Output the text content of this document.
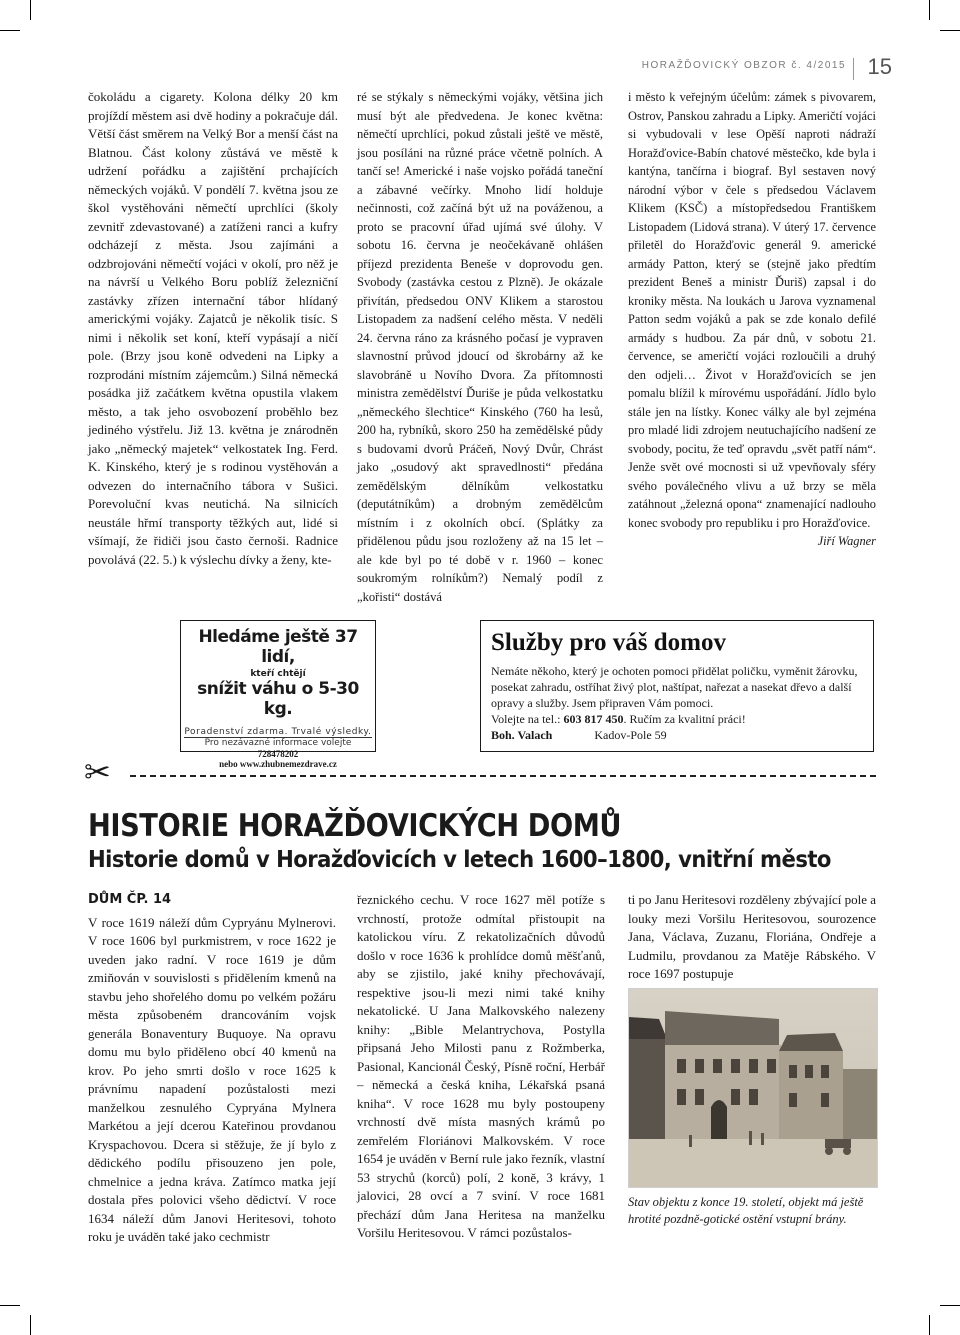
HORAŽĎOVICKÝ OBZOR č. 4/2015 15

čokoládu a cigarety. Kolona délky 20 km projíždí městem asi dvě hodiny a pokračuje dál. Větší část směrem na Velký Bor a menší část na Blatnou. Část kolony zůstává ve městě k udržení pořádku a zajištění prchajících německých vojáků. V pondělí 7. května jsou ze škol vystěhováni němečtí uprchlíci (školy zevnitř zdevastované) a zatíženi ranci a kufry odcházejí z města. Jsou zajímáni a odzbrojováni němečtí vojáci v okolí, pro něž je na návrší u Velkého Boru poblíž železniční zastávky zřízen internační tábor hlídaný americkými vojáky. Zajatců je několik tisíc. S nimi i několik set koní, kteří vypásají a ničí pole. (Brzy jsou koně odvedeni na Lipky a rozprodáni místním zájemcům.) Silná německá posádka již začátkem května opustila vlakem město, a tak jeho osvobození proběhlo bez jediného výstřelu. Již 13. května je znárodněn jako „německý majetek“ velkostatek Ing. Ferd. K. Kinského, který je s rodinou vystěhován a odvezen do internačního tábora v Sušici. Porevoluční kvas neutichá. Na silnicích neustále hřmí transporty těžkých aut, lidé si všímají, že řidiči jsou často černoši. Radnice povolává (22. 5.) k výslechu dívky a ženy, kte-

ré se stýkaly s německými vojáky, většina jich musí být ale předvedena. Je konec května: němečtí uprchlíci, pokud zůstali ještě ve městě, jsou posíláni na různé práce včetně polních. A tančí se! Americké i naše vojsko pořádá taneční a zábavné večírky. Mnoho lidí holduje nečinnosti, což začíná být už na pováženou, a proto se pracovní úřad ujímá své úlohy. V sobotu 16. června je neočekávaně ohlášen příjezd prezidenta Beneše v doprovodu gen. Svobody (zastávka cestou z Plzně). Je okázale přivítán, předsedou ONV Klikem a starostou Listopadem za nadšení celého města. V neděli 24. června ráno za krásného počasí je vypraven slavnostní průvod jdoucí od škrobárny až ke slavobráně u Novího Dvora. Za přítomnosti ministra zemědělství Ďuriše je půda velkostatku „německého šlechtice“ Kinského (760 ha lesů, 200 ha, rybníků, skoro 250 ha zemědělské půdy s budovami dvorů Práčeň, Nový Dvůr, Chrást jako „osudový akt spravedlnosti“ předána zemědělským dělníkům velkostatku (deputátníkům) a drobným zemědělcům místním i z okolních obcí. (Splátky za přidělenou půdu jsou rozloženy až na 15 let – ale kde byl po té době v r. 1960 – konec soukromým rolníkům?) Nemalý podíl z „kořisti“ dostává

i město k veřejným účelům: zámek s pivovarem, Ostrov, Panskou zahradu a Lipky. Američtí vojáci si vybudovali v lese Opěší naproti nádraží Horažďovice-Babín chatové městečko, kde byla i kantýna, tančírna i biograf. Byl sestaven nový národní výbor v čele s předsedou Václavem Klikem (KSČ) a místopředsedou Františkem Listopadem (Lidová strana). V úterý 17. července přiletěl do Horažďovic generál 9. americké armády Patton, který se (stejně jako předtím prezident Beneš a ministr Ďuriš) zapsal i do kroniky města. Na loukách u Jarova vyznamenal Patton sedm vojáků a pak se zde konalo defilé armády s hudbou. Za pár dnů, v sobotu 21. července, se američtí vojáci rozloučili a druhý den odjeli… Život v Horažďovicích se jen pomalu blížil k mírovému uspořádání. Jídlo bylo stále jen na lístky. Konec války ale byl zejména pro mladé lidi zdrojem neutuchajícího nadšení ze svobody, pocitu, že teď opravdu „svět patří nám“. Jenže svět ové mocnosti si už vpevňovaly sféry svého poválečného vlivu a už brzy se měla zatáhnout „železná opona“ znamenající nadlouho konec svobody pro republiku i pro Horažďovice.

Jiří Wagner

Hledáme ještě 37 lidí,
kteří chtějí
snížit váhu o 5-30 kg.
Poradenství zdarma. Trvalé výsledky.
Pro nezávazné informace volejte
728478202
nebo www.zhubnemezdrave.cz
Služby pro váš domov
Nemáte někoho, který je ochoten pomoci přidělat poličku, vyměnit žárovku, posekat zahradu, ostříhat živý plot, naštípat, nařezat a nasekat dřevo a další opravy a služby. Jsem připraven Vám pomoci.
Volejte na tel.: 603 817 450. Ručím za kvalitní práci!
Boh. Valach	Kadov-Pole 59
✂
HISTORIE HORAŽĎOVICKÝCH DOMŮ
Historie domů v Horažďovicích v letech 1600–1800, vnitřní město

DŮM ČP. 14

V roce 1619 náleží dům Cypryánu Mylnerovi. V roce 1606 byl purkmistrem, v roce 1622 je uveden jako radní. V roce 1619 je dům zmiňován v souvislosti s přidělením kmenů na stavbu jeho shořelého domu po velkém požáru města způsobeném drancováním vojsk generála Bonaventury Buquoye. Na opravu domu mu bylo přiděleno obcí 40 kmenů na krov. Po jeho smrti došlo v roce 1625 k právnímu napadení pozůstalosti mezi manželkou zesnulého Cypryána Mylnera Markétou a její dcerou Kateřinou provdanou Kryspachovou. Dcera si stěžuje, že jí bylo z dědického podílu přisouzeno jen pole, chmelnice a jedna kráva. Zatímco matka její dostala přes polovici všeho dědictví. V roce 1634 náleží dům Janovi Heritesovi, tohoto roku je uváděn také jako cechmistr

řeznického cechu. V roce 1627 měl potíže s vrchností, protože odmítal přistoupit na katolickou víru. Z rekatolizačních důvodů došlo v roce 1636 k prohlídce domů měšťanů, aby se zjistilo, jaké knihy přechovávají, respektive jsou-li mezi nimi také knihy nekatolické. U Jana Malkovského nalezeny knihy: „Bible Melantrychova, Postylla připsaná Jeho Milosti panu z Rožmberka, Pasional, Kancionál Český, Písně roční, Herbář – německá a česká kniha, Lékařská psaná kniha“. V roce 1628 mu byly postoupeny vrchností dvě místa masných krámů po zemřelém Floriánovi Malkovském. V roce 1654 je uváděn v Berní rule jako řezník, vlastní 53 strychů (korců) polí, 2 koně, 3 krávy, 1 jalovici, 28 ovcí a 7 sviní. V roce 1681 přechází dům Jana Heritesa na manželku Voršilu Heritesovou. V rámci pozůstalos-

ti po Janu Heritesovi rozděleny zbývající pole a louky mezi Voršilu Heritesovou, sourozence Jana, Václava, Zuzanu, Floriána, Ondřeje a Ludmilu, provdanou za Matěje Rábského. V roce 1697 postupuje

Stav objektu z konce 19. století, objekt má ještě hrotité pozdně-gotické ostění vstupní brány.
